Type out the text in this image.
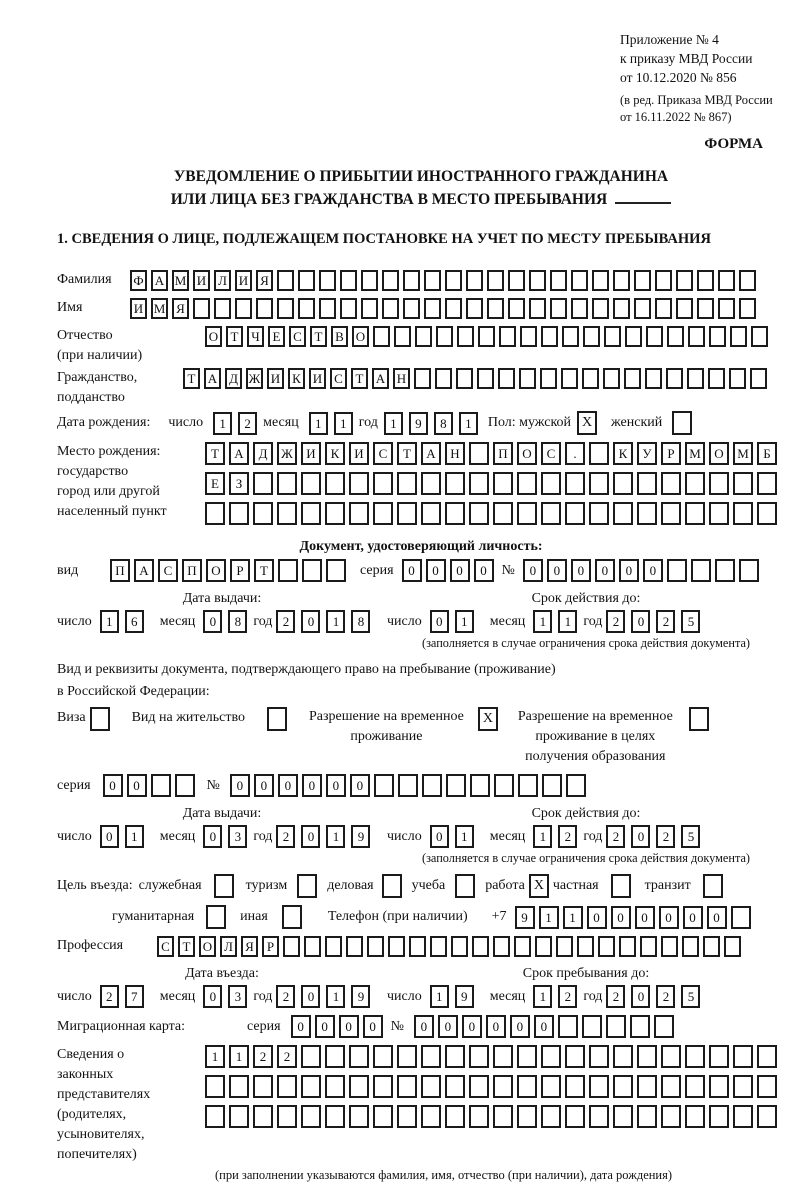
Приложение № 4
к приказу МВД России
от 10.12.2020 № 856
(в ред. Приказа МВД России
от 16.11.2022 № 867)
ФОРМА
УВЕДОМЛЕНИЕ О ПРИБЫТИИ ИНОСТРАННОГО ГРАЖДАНИНА
ИЛИ ЛИЦА БЕЗ ГРАЖДАНСТВА В МЕСТО ПРЕБЫВАНИЯ
1. СВЕДЕНИЯ О ЛИЦЕ, ПОДЛЕЖАЩЕМ ПОСТАНОВКЕ НА УЧЕТ ПО МЕСТУ ПРЕБЫВАНИЯ
Фамилия	Ф А М И Л И Я
Имя	И М Я
Отчество
(при наличии)
О Т Ч Е С Т В О
Гражданство,
подданство
Т А Д Ж И К И С Т А Н
Дата рождения: число	1	2 месяц	1	1 год 1	9	8	1	Пол: мужской X	женский
Место рождения:
государство
город или другой
населенный пункт
Т	А	Д	Ж	И	К	И	С	Т	А	Н	П	О	С	.	К	У	Р	М	О	М	Б
Е	З
Документ, удостоверяющий личность:
вид	П	А	С	П	О	Р	Т	серия	0	0	0	0	№	0	0	0	0	0	0
Дата выдачи:
число	1	6	месяц	0	8 год 2	0	1	8
Срок действия до:
число	0	1	месяц	1	1 год 2	0	2	5
(заполняется в случае ограничения срока действия документа)
Вид и реквизиты документа, подтверждающего право на пребывание (проживание)
в Российской Федерации:
Виза	Вид на жительство	Разрешение на временное
проживание
X	Разрешение на временное
проживание в целях
получения образования
серия	0	0	№	0	0	0	0	0	0
Дата выдачи:
число	0	1	месяц	0	3 год 2	0	1	9
Срок действия до:
число	0	1	месяц	1	2 год 2	0	2	5
(заполняется в случае ограничения срока действия документа)
Цель въезда: служебная	туризм	деловая	учеба	работа X частная	транзит
гуманитарная	иная	Телефон (при наличии) +7	9	1	1	0	0	0	0	0	0
Профессия	С Т О Л Я	Р
Дата въезда:
число	2	7	месяц	0	3 год 2	0	1	9
Срок пребывания до:
число	1	9	месяц	1	2 год 2	0	2	5
Миграционная карта:	серия	0	0	0	0	№	0	0	0	0	0	0
Сведения о
законных
представителях
(родителях,
усыновителях,
попечителях)
1	1	2	2
(при заполнении указываются фамилия, имя, отчество (при наличии), дата рождения)
